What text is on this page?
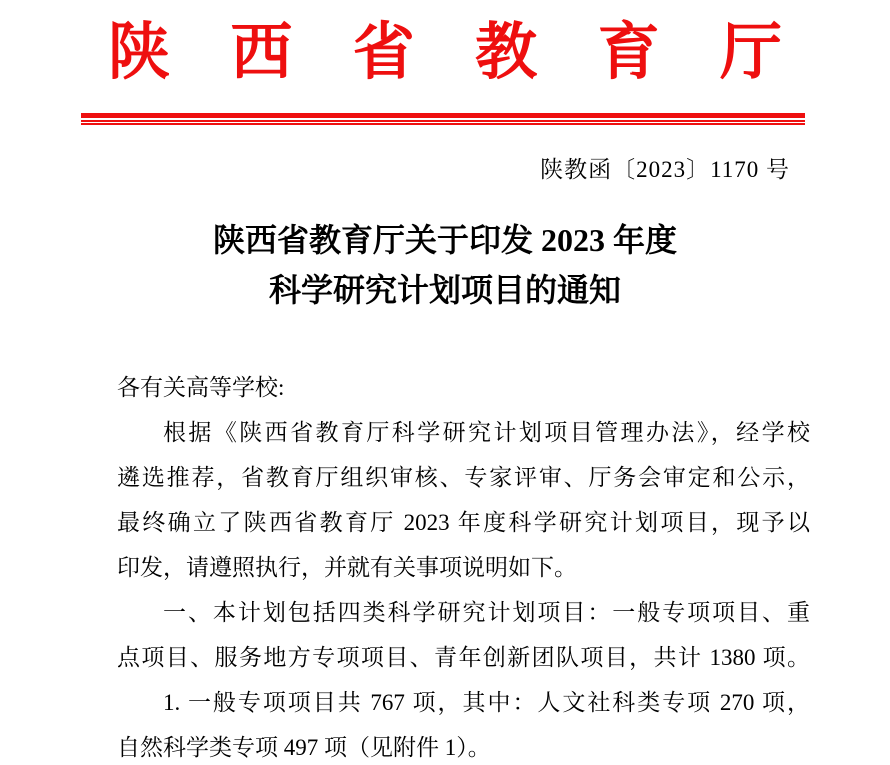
陕 西 省 教 育 厅
陕教函〔2023〕1170 号
陕西省教育厅关于印发 2023 年度
科学研究计划项目的通知
各有关高等学校:
根据《陕西省教育厅科学研究计划项目管理办法》，经学校
遴选推荐，省教育厅组织审核、专家评审、厅务会审定和公示，
最终确立了陕西省教育厅 2023 年度科学研究计划项目，现予以
印发，请遵照执行，并就有关事项说明如下。
一、本计划包括四类科学研究计划项目：一般专项项目、重
点项目、服务地方专项项目、青年创新团队项目，共计 1380 项。
1. 一般专项项目共 767 项，其中：人文社科类专项 270 项，
自然科学类专项 497 项（见附件 1）。
